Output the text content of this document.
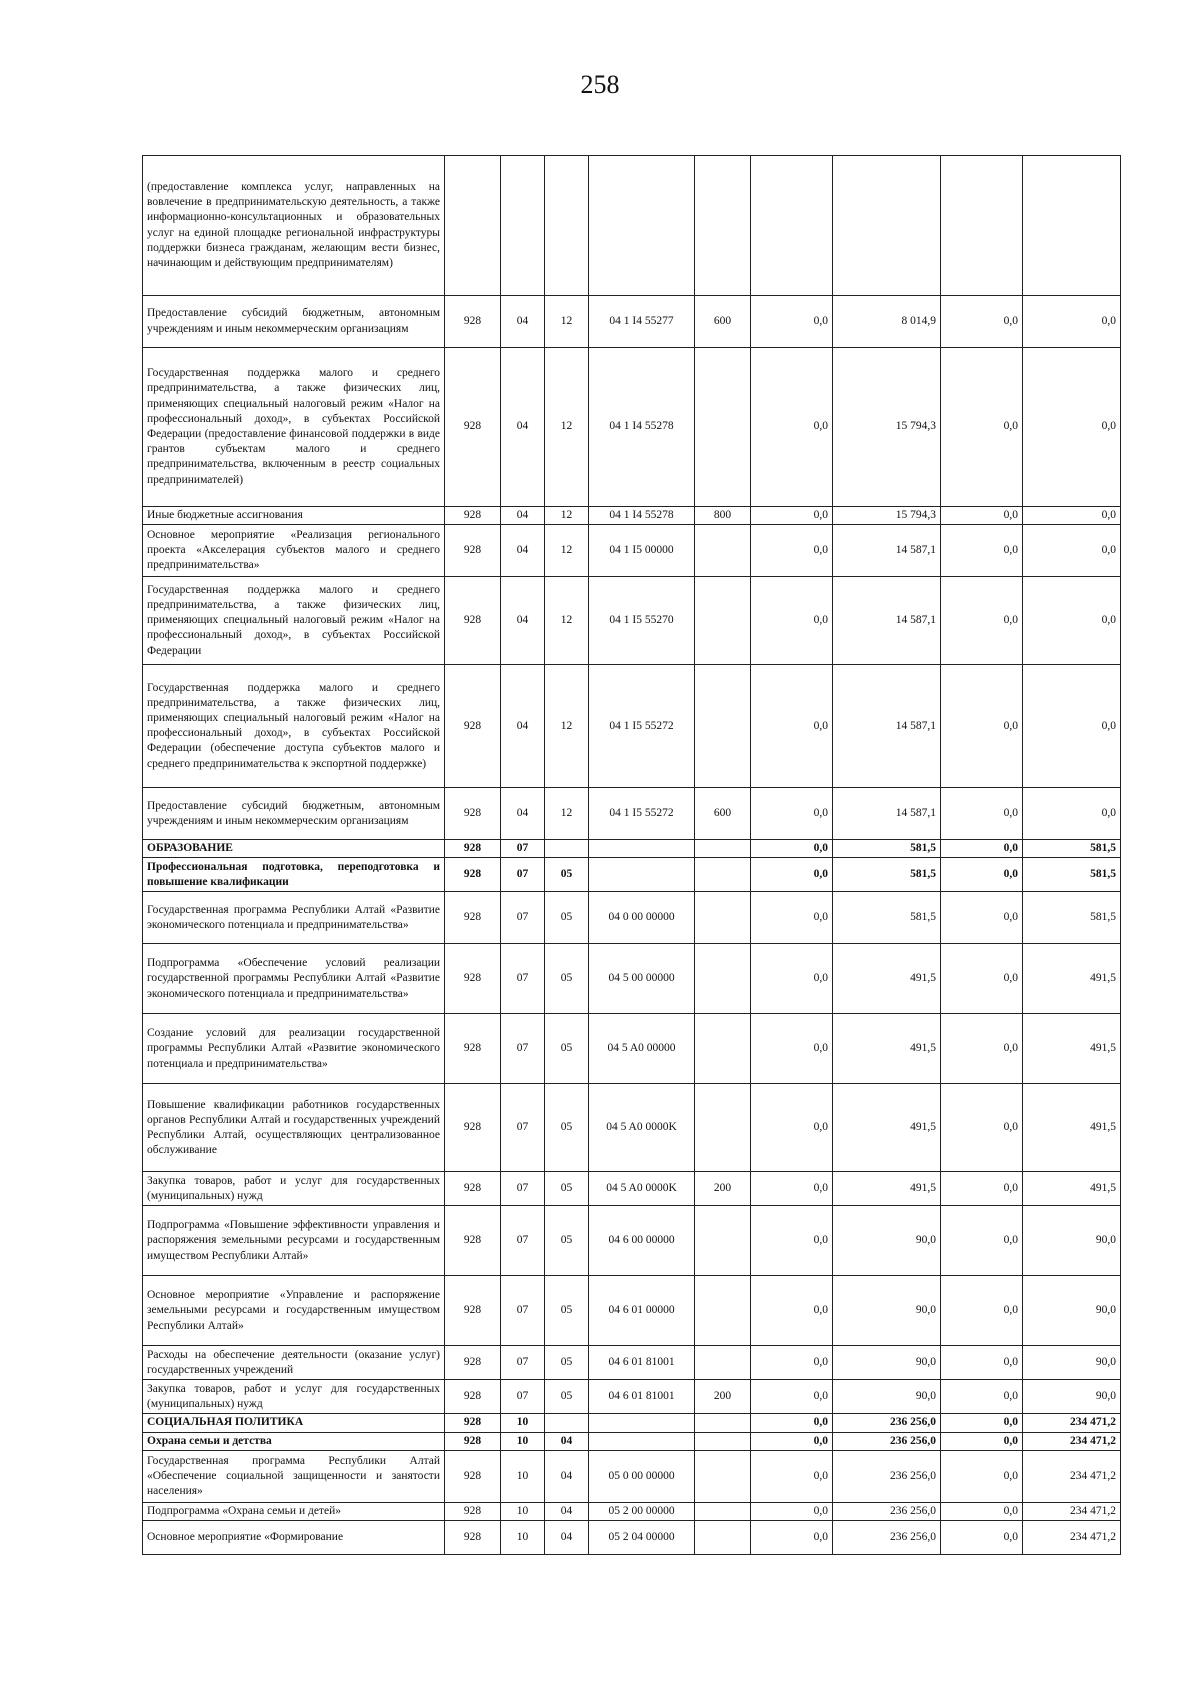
258
(предоставление комплекса услуг, направленных на вовлечение в предпринимательскую деятельность, а также информационно-консультационных и образовательных услуг на единой площадке региональной инфраструктуры поддержки бизнеса гражданам, желающим вести бизнес, начинающим и действующим предпринимателям)									
Предоставление субсидий бюджетным, автономным учреждениям и иным некоммерческим организациям	928	04	12	04 1 I4 55277	600	0,0	8 014,9	0,0	0,0
Государственная поддержка малого и среднего предпринимательства, а также физических лиц, применяющих специальный налоговый режим «Налог на профессиональный доход», в субъектах Российской Федерации (предоставление финансовой поддержки в виде грантов субъектам малого и среднего предпринимательства, включенным в реестр социальных предпринимателей)	928	04	12	04 1 I4 55278		0,0	15 794,3	0,0	0,0
Иные бюджетные ассигнования	928	04	12	04 1 I4 55278	800	0,0	15 794,3	0,0	0,0
Основное мероприятие «Реализация регионального проекта «Акселерация субъектов малого и среднего предпринимательства»	928	04	12	04 1 I5 00000		0,0	14 587,1	0,0	0,0
Государственная поддержка малого и среднего предпринимательства, а также физических лиц, применяющих специальный налоговый режим «Налог на профессиональный доход», в субъектах Российской Федерации	928	04	12	04 1 I5 55270		0,0	14 587,1	0,0	0,0
Государственная поддержка малого и среднего предпринимательства, а также физических лиц, применяющих специальный налоговый режим «Налог на профессиональный доход», в субъектах Российской Федерации (обеспечение доступа субъектов малого и среднего предпринимательства к экспортной поддержке)	928	04	12	04 1 I5 55272		0,0	14 587,1	0,0	0,0
Предоставление субсидий бюджетным, автономным учреждениям и иным некоммерческим организациям	928	04	12	04 1 I5 55272	600	0,0	14 587,1	0,0	0,0
ОБРАЗОВАНИЕ	928	07				0,0	581,5	0,0	581,5
Профессиональная подготовка, переподготовка и повышение квалификации	928	07	05			0,0	581,5	0,0	581,5
Государственная программа Республики Алтай «Развитие экономического потенциала и предпринимательства»	928	07	05	04 0 00 00000		0,0	581,5	0,0	581,5
Подпрограмма «Обеспечение условий реализации государственной программы Республики Алтай «Развитие экономического потенциала и предпринимательства»	928	07	05	04 5 00 00000		0,0	491,5	0,0	491,5
Создание условий для реализации государственной программы Республики Алтай «Развитие экономического потенциала и предпринимательства»	928	07	05	04 5 A0 00000		0,0	491,5	0,0	491,5
Повышение квалификации работников государственных органов Республики Алтай и государственных учреждений Республики Алтай, осуществляющих централизованное обслуживание	928	07	05	04 5 A0 0000K		0,0	491,5	0,0	491,5
Закупка товаров, работ и услуг для государственных (муниципальных) нужд	928	07	05	04 5 A0 0000K	200	0,0	491,5	0,0	491,5
Подпрограмма «Повышение эффективности управления и распоряжения земельными ресурсами и государственным имуществом Республики Алтай»	928	07	05	04 6 00 00000		0,0	90,0	0,0	90,0
Основное мероприятие «Управление и распоряжение земельными ресурсами и государственным имуществом Республики Алтай»	928	07	05	04 6 01 00000		0,0	90,0	0,0	90,0
Расходы на обеспечение деятельности (оказание услуг) государственных учреждений	928	07	05	04 6 01 81001		0,0	90,0	0,0	90,0
Закупка товаров, работ и услуг для государственных (муниципальных) нужд	928	07	05	04 6 01 81001	200	0,0	90,0	0,0	90,0
СОЦИАЛЬНАЯ ПОЛИТИКА	928	10				0,0	236 256,0	0,0	234 471,2
Охрана семьи и детства	928	10	04			0,0	236 256,0	0,0	234 471,2
Государственная программа Республики Алтай «Обеспечение социальной защищенности и занятости населения»	928	10	04	05 0 00 00000		0,0	236 256,0	0,0	234 471,2
Подпрограмма «Охрана семьи и детей»	928	10	04	05 2 00 00000		0,0	236 256,0	0,0	234 471,2
Основное мероприятие «Формирование	928	10	04	05 2 04 00000		0,0	236 256,0	0,0	234 471,2
